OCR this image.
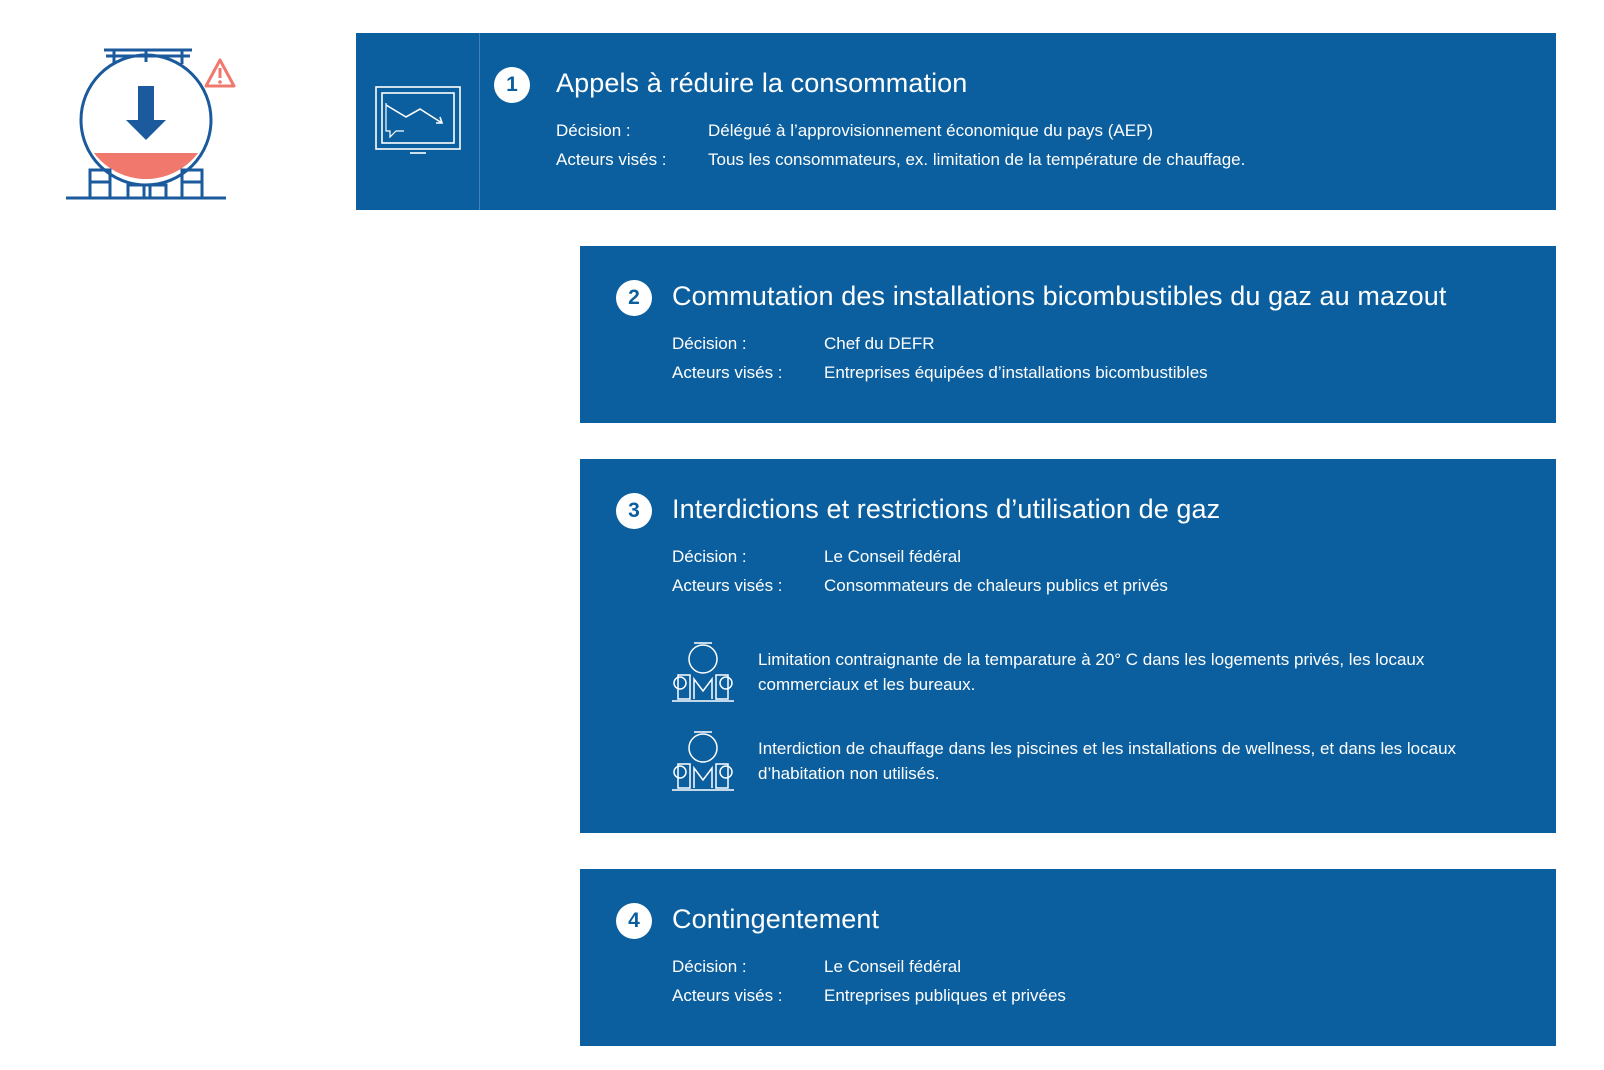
1	Appels à réduire la consommation
Décision :	Délégué à l’approvisionnement économique du pays (AEP)
Acteurs visés : Tous les consommateurs, ex. limitation de la température de chauffage.
2	Commutation des installations bicombustibles du gaz au mazout
Décision :	Chef du DEFR
Acteurs visés : Entreprises équipées d’installations bicombustibles
3	Interdictions et restrictions d’utilisation de gaz
Décision :	Le Conseil fédéral
Acteurs visés : Consommateurs de chaleurs publics et privés
Limitation contraignante de la temparature à 20° C dans les logements privés, les locaux commerciaux et les bureaux.
Interdiction de chauffage dans les piscines et les installations de wellness, et dans les locaux d’habitation non utilisés.
4	Contingentement
Décision :	Le Conseil fédéral
Acteurs visés : Entreprises publiques et privées
